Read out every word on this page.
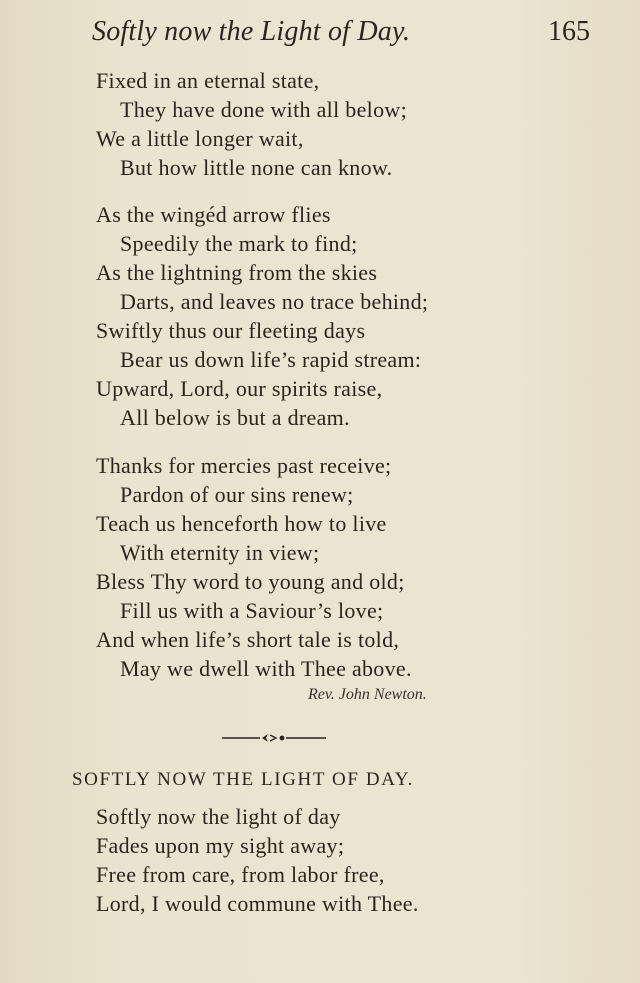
Softly now the Light of Day.	165
Fixed in an eternal state,
They have done with all below;
We a little longer wait,
But how little none can know.
As the wingéd arrow flies
Speedily the mark to find;
As the lightning from the skies
Darts, and leaves no trace behind;
Swiftly thus our fleeting days
Bear us down life’s rapid stream:
Upward, Lord, our spirits raise,
All below is but a dream.
Thanks for mercies past receive;
Pardon of our sins renew;
Teach us henceforth how to live
With eternity in view;
Bless Thy word to young and old;
Fill us with a Saviour’s love;
And when life’s short tale is told,
May we dwell with Thee above.
Rev. John Newton.
SOFTLY NOW THE LIGHT OF DAY.
Softly now the light of day
Fades upon my sight away;
Free from care, from labor free,
Lord, I would commune with Thee.
